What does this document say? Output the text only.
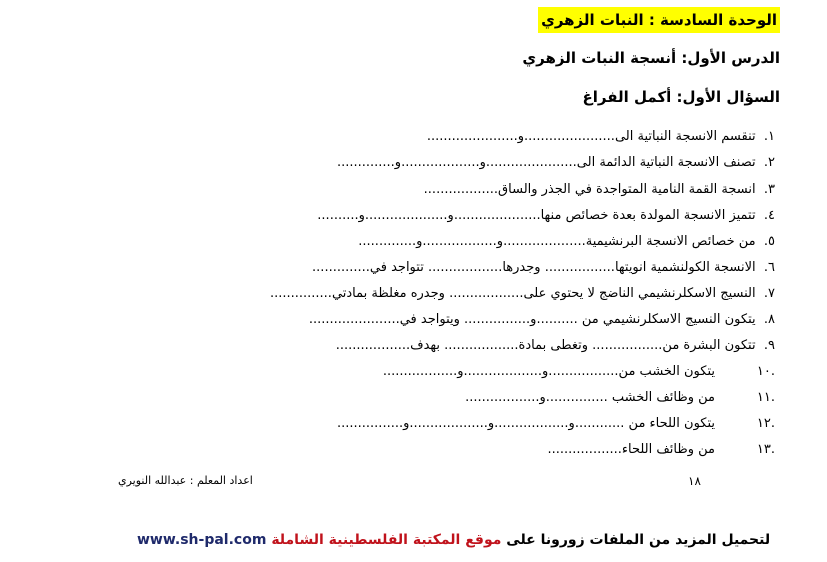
الوحدة السادسة : النبات الزهري
الدرس الأول: أنسجة النبات الزهري
السؤال الأول: أكمل الفراغ
١.  تنقسم الانسجة النباتية الى......................و......................
٢.  تصنف الانسجة النباتية الدائمة الى......................و...................و..............
٣.  انسجة القمة النامية المتواجدة في الجذر والساق..................
٤.  تتميز الانسجة المولدة بعدة خصائص منها.....................و....................و..........
٥.  من خصائص الانسجة البرنشيمية....................و..................و..............
٦.  الانسجة الكولنشمية انويتها................. وجدرها.................. تتواجد في..............
٧.  النسيج الاسكلرنشيمي الناضج لا يحتوي على.................. وجدره مغلظة بمادتي...............
٨.  يتكون النسيج الاسكلرنشيمي من ..........و................ ويتواجد في......................
٩.  تتكون البشرة من................. وتغطى بمادة.................. بهدف..................
.١٠يتكون الخشب من.................و...................و..................
.١١من وظائف الخشب ...............و..................
.١٢يتكون اللحاء من ............و..................و...................و................
.١٣من وظائف اللحاء..................
١٨
اعداد المعلم : عبدالله النويري
لتحميل المزيد من الملفات زورونا على موقع المكتبة الفلسطينية الشاملة www.sh-pal.com
